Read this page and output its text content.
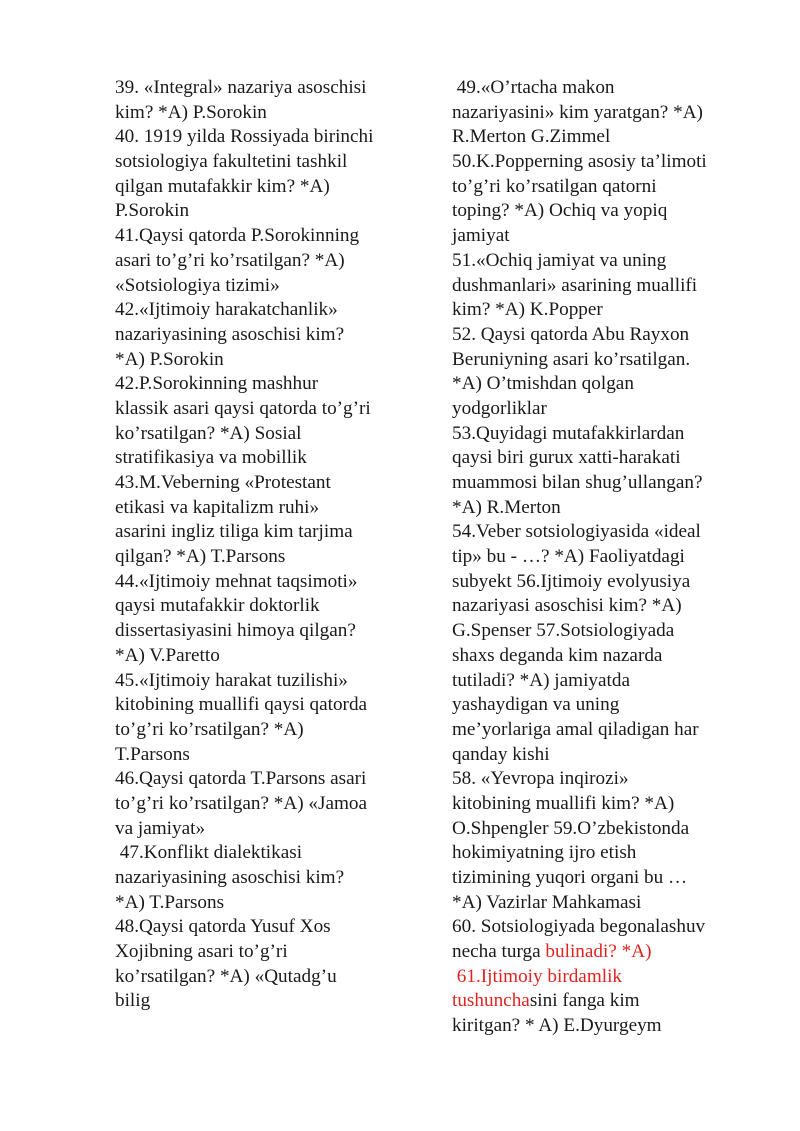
39. «Integral» nazariya asoschisi
kim? *A) P.Sorokin
40. 1919 yilda Rossiyada birinchi
sotsiologiya fakultetini tashkil
qilgan mutafakkir kim? *A)
P.Sorokin
41.Qaysi qatorda P.Sorokinning
asari to’g’ri ko’rsatilgan? *A)
«Sotsiologiya tizimi»
42.«Ijtimoiy harakatchanlik»
nazariyasining asoschisi kim?
*A) P.Sorokin
42.P.Sorokinning mashhur
klassik asari qaysi qatorda to’g’ri
ko’rsatilgan? *A) Sosial
stratifikasiya va mobillik
43.M.Veberning «Protestant
etikasi va kapitalizm ruhi»
asarini ingliz tiliga kim tarjima
qilgan? *A) T.Parsons
44.«Ijtimoiy mehnat taqsimoti»
qaysi mutafakkir doktorlik
dissertasiyasini himoya qilgan?
*A) V.Paretto
45.«Ijtimoiy harakat tuzilishi»
kitobining muallifi qaysi qatorda
to’g’ri ko’rsatilgan? *A)
T.Parsons
46.Qaysi qatorda T.Parsons asari
to’g’ri ko’rsatilgan? *A) «Jamoa
va jamiyat»
47.Konflikt dialektikasi
nazariyasining asoschisi kim?
*A) T.Parsons
48.Qaysi qatorda Yusuf Xos
Xojibning asari to’g’ri
ko’rsatilgan? *A) «Qutadg’u
bilig
49.«O’rtacha makon
nazariyasini» kim yaratgan? *A)
R.Merton G.Zimmel
50.K.Popperning asosiy ta’limoti
to’g’ri ko’rsatilgan qatorni
toping? *A) Ochiq va yopiq
jamiyat
51.«Ochiq jamiyat va uning
dushmanlari» asarining muallifi
kim? *A) K.Popper
52. Qaysi qatorda Abu Rayxon
Beruniyning asari ko’rsatilgan.
*A) O’tmishdan qolgan
yodgorliklar
53.Quyidagi mutafakkirlardan
qaysi biri gurux xatti-harakati
muammosi bilan shug’ullangan?
*A) R.Merton
54.Veber sotsiologiyasida «ideal
tip» bu - …? *A) Faoliyatdagi
subyekt 56.Ijtimoiy evolyusiya
nazariyasi asoschisi kim? *A)
G.Spenser 57.Sotsiologiyada
shaxs deganda kim nazarda
tutiladi? *A) jamiyatda
yashaydigan va uning
me’yorlariga amal qiladigan har
qanday kishi
58. «Yevropa inqirozi»
kitobining muallifi kim? *A)
O.Shpengler 59.O’zbekistonda
hokimiyatning ijro etish
tizimining yuqori organi bu …
*A) Vazirlar Mahkamasi
60. Sotsiologiyada begonalashuv
necha turga bulinadi? *A)
61.Ijtimoiy birdamlik
tushunchasini fanga kim
kiritgan? * A) E.Dyurgeym
